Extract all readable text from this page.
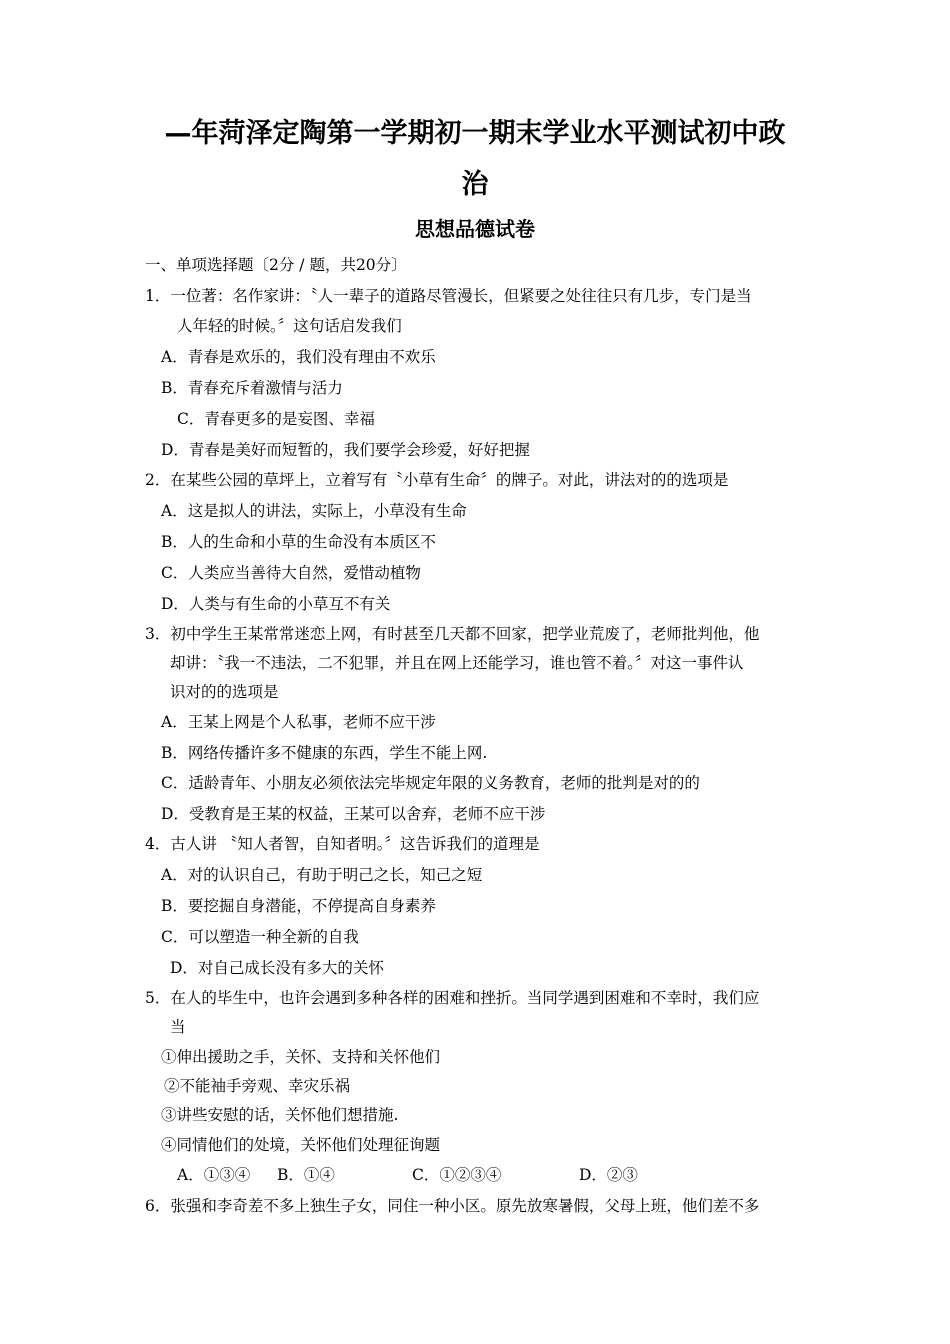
—年菏泽定陶第一学期初一期末学业水平测试初中政
治
思想品德试卷

一、单项选择题〔2分 / 题，共20分〕

1．一位著：名作家讲：〝人一辈子的道路尽管漫长，但紧要之处往往只有几步，专门是当

人年轻的时候。〞这句话启发我们

A．青春是欢乐的，我们没有理由不欢乐

B．青春充斥着激情与活力

C．青春更多的是妄图、幸福

D．青春是美好而短暂的，我们要学会珍爱，好好把握

2．在某些公园的草坪上，立着写有〝小草有生命〞的牌子。对此，讲法对的的选项是

A．这是拟人的讲法，实际上，小草没有生命

B．人的生命和小草的生命没有本质区不

C．人类应当善待大自然，爱惜动植物

D．人类与有生命的小草互不有关

3．初中学生王某常常迷恋上网，有时甚至几天都不回家，把学业荒废了，老师批判他，他

却讲：〝我一不违法，二不犯罪，并且在网上还能学习，谁也管不着。〞对这一事件认

识对的的选项是

A．王某上网是个人私事，老师不应干涉

B．网络传播许多不健康的东西，学生不能上网.

C．适龄青年、小朋友必须依法完毕规定年限的义务教育，老师的批判是对的的

D．受教育是王某的权益，王某可以舍弃，老师不应干涉

4．古人讲 〝知人者智，自知者明。〞这告诉我们的道理是

A．对的认识自己，有助于明己之长，知己之短

B．要挖掘自身潜能，不停提高自身素养

C．可以塑造一种全新的自我

D．对自己成长没有多大的关怀

5．在人的毕生中，也许会遇到多种各样的困难和挫折。当同学遇到困难和不幸时，我们应

当

①伸出援助之手，关怀、支持和关怀他们

②不能袖手旁观、幸灾乐祸

③讲些安慰的话，关怀他们想措施.

④同情他们的处境，关怀他们处理征询题

A．①③④ B．①④	C．①②③④	D．②③

6．张强和李奇差不多上独生子女，同住一种小区。原先放寒暑假，父母上班，他们差不多
